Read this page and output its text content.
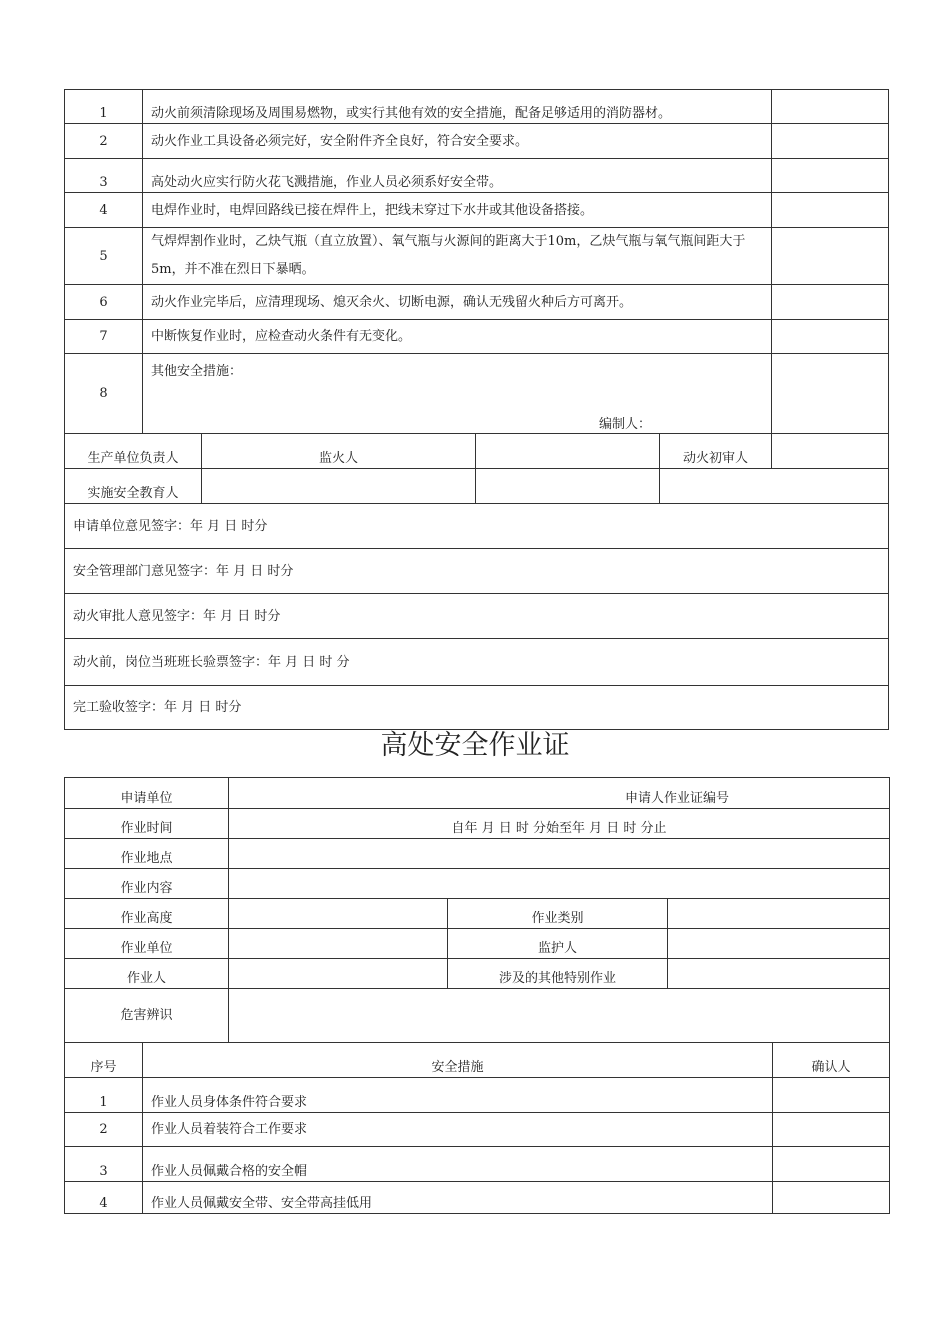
1	动火前须清除现场及周围易燃物，或实行其他有效的安全措施，配备足够适用的消防器材。				
2	动火作业工具设备必须完好，安全附件齐全良好，符合安全要求。				
3	高处动火应实行防火花飞溅措施，作业人员必须系好安全带。				
4	电焊作业时，电焊回路线已接在焊件上，把线未穿过下水井或其他设备搭接。				
5	气焊焊割作业时，乙炔气瓶（直立放置）、氧气瓶与火源间的距离大于10m，乙炔气瓶与氧气瓶间距大于5m，并不准在烈日下暴晒。				
6	动火作业完毕后，应清理现场、熄灭余火、切断电源，确认无残留火种后方可离开。				
7	中断恢复作业时，应检查动火条件有无变化。				
8	其他安全措施：
编制人：				

生产单位负责人		监火人		动火初审人	
实施安全教育人					
申请单位意见签字：年 月 日 时分					
安全管理部门意见签字：年 月 日 时分					
动火审批人意见签字：年 月 日 时分					
动火前，岗位当班班长验票签字：年 月 日 时 分					
完工验收签字：年 月 日 时分					
高处安全作业证
申请单位		申请人作业证编号			
作业时间		自年 月 日 时 分始至年 月 日 时 分止			
作业地点					
作业内容					
作业高度			作业类别		
作业单位			监护人		
作业人			涉及的其他特别作业		
危害辨识					
序号	安全措施				确认人
1	作业人员身体条件符合要求				
2	作业人员着装符合工作要求				
3	作业人员佩戴合格的安全帽				
4	作业人员佩戴安全带、安全带高挂低用				
